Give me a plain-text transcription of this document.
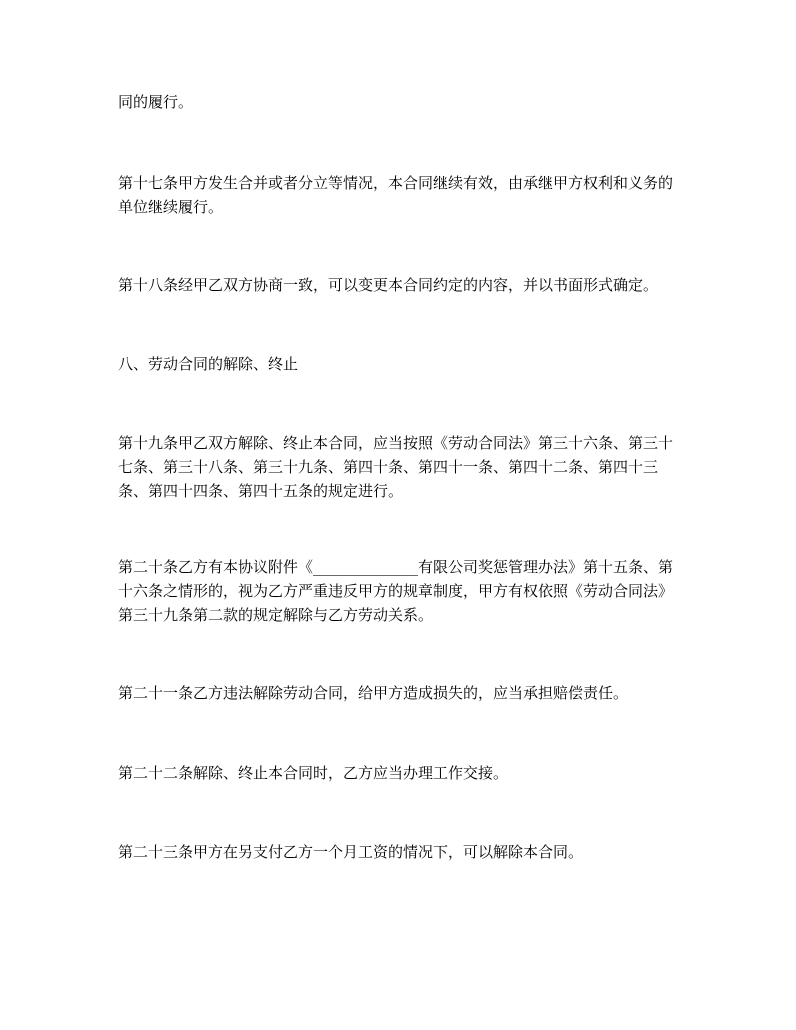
同的履行。

第十七条甲方发生合并或者分立等情况，本合同继续有效，由承继甲方权利和义务的单位继续履行。

第十八条经甲乙双方协商一致，可以变更本合同约定的内容，并以书面形式确定。

八、劳动合同的解除、终止

第十九条甲乙双方解除、终止本合同，应当按照《劳动合同法》第三十六条、第三十七条、第三十八条、第三十九条、第四十条、第四十一条、第四十二条、第四十三条、第四十四条、第四十五条的规定进行。

第二十条乙方有本协议附件《______________有限公司奖惩管理办法》第十五条、第十六条之情形的，视为乙方严重违反甲方的规章制度，甲方有权依照《劳动合同法》第三十九条第二款的规定解除与乙方劳动关系。

第二十一条乙方违法解除劳动合同，给甲方造成损失的，应当承担赔偿责任。

第二十二条解除、终止本合同时，乙方应当办理工作交接。

第二十三条甲方在另支付乙方一个月工资的情况下，可以解除本合同。
